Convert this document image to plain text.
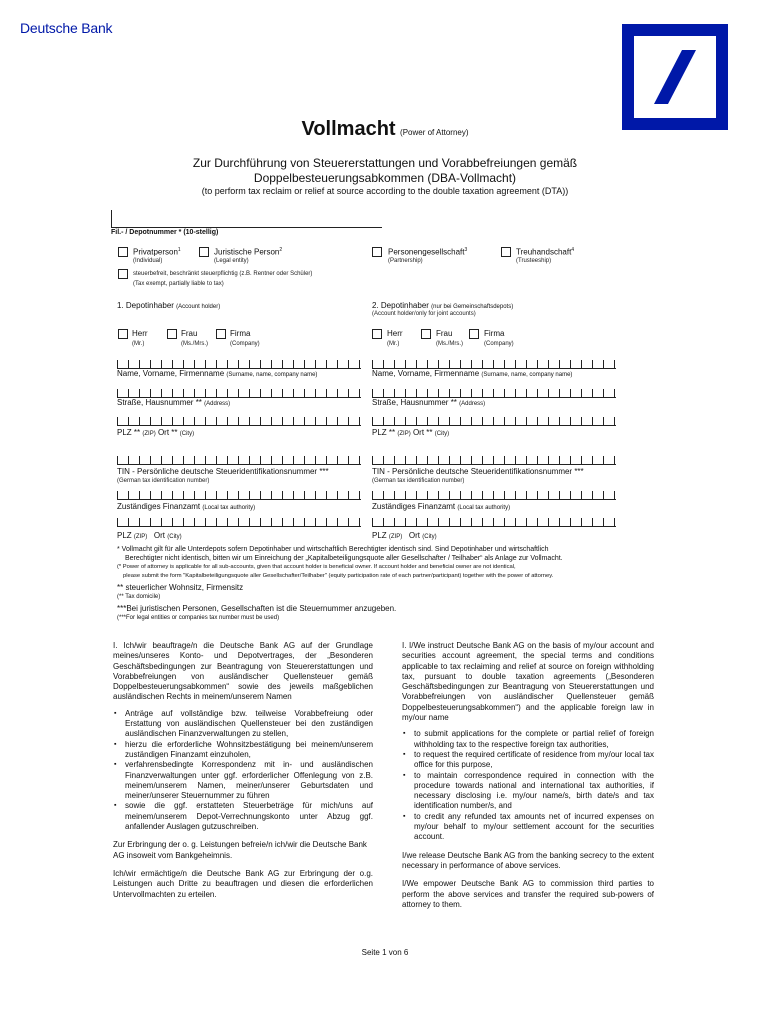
Deutsche Bank
Vollmacht (Power of Attorney)
Zur Durchführung von Steuererstattungen und Vorabbefreiungen gemäß
Doppelbesteuerungsabkommen (DBA-Vollmacht)
(to perform tax reclaim or relief at source according to the double taxation agreement (DTA))
Fil.- / Depotnummer * (10-stellig)
Privatperson$^1$
(Individual)
Juristische Person$^2$
(Legal entity)
Personengesellschaft$^3$
(Partnership)
Treuhandschaft$^4$
(Trusteeship)
steuerbefreit, beschränkt steuerpflichtig (z.B. Rentner oder Schüler)
(Tax exempt, partially liable to tax)
1. Depotinhaber (Account holder)	2. Depotinhaber (nur bei Gemeinschaftsdepots)
(Account holder/only for joint accounts)
Herr
(Mr.)
Frau
(Ms./Mrs.)
Firma
(Company)
Herr
(Mr.)
Frau
(Ms./Mrs.)
Firma
(Company)
Name, Vorname, Firmenname (Surname, name, company name)	Name, Vorname, Firmenname (Surname, name, company name)
Straße, Hausnummer ** (Address)	Straße, Hausnummer ** (Address)
PLZ ** (ZIP) Ort ** (City)	PLZ ** (ZIP) Ort ** (City)
TIN - Persönliche deutsche Steueridentifikationsnummer ***
(German tax identification number)
TIN - Persönliche deutsche Steueridentifikationsnummer ***
(German tax identification number)
Zuständiges Finanzamt (Local tax authority)	Zuständiges Finanzamt (Local tax authority)
PLZ (ZIP) Ort (City)	PLZ (ZIP) Ort (City)
* Vollmacht gilt für alle Unterdepots sofern Depotinhaber und wirtschaftlich Berechtigter identisch sind. Sind Depotinhaber und wirtschaftlich
Berechtigter nicht identisch, bitten wir um Einreichung der „Kapitalbeteiligungsquote aller Gesellschafter / Teilhaber“ als Anlage zur Vollmacht.
(* Power of attorney is applicable for all sub-accounts, given that account holder is beneficial owner. If account holder and beneficial owner are not identical,
please submit the form "Kapitalbeteiligungsquote aller Gesellschafter/Teilhaber" (equity participation rate of each partner/participant) together with the power of attorney.
** steuerlicher Wohnsitz, Firmensitz
(** Tax domicile)
***Bei juristischen Personen, Gesellschaften ist die Steuernummer anzugeben.
(***For legal entities or companies tax number must be used)
I. Ich/wir beauftrage/n die Deutsche Bank AG auf der Grundlage meines/unseres Konto- und Depotvertrages, der „Besonderen Geschäftsbedingungen zur Beantragung von Steuererstattungen und Vorabbefreiungen von ausländischer Quellensteuer gemäß Doppelbesteuerungsabkommen“ sowie des jeweils maßgeblichen ausländischen Rechts in meinem/unserem Namen
▪ Anträge auf vollständige bzw. teilweise Vorabbefreiung oder Erstattung von ausländischen Quellensteuer bei den zuständigen ausländischen Finanzverwaltungen zu stellen,
▪ hierzu die erforderliche Wohnsitzbestätigung bei meinem/unserem zuständigen Finanzamt einzuholen,
▪ verfahrensbedingte Korrespondenz mit in- und ausländischen Finanzverwaltungen unter ggf. erforderlicher Offenlegung von z.B. meinem/unserem Namen, meiner/unserer Geburtsdaten und meiner/unserer Steuernummer zu führen
▪ sowie die ggf. erstatteten Steuerbeträge für mich/uns auf meinem/unserem Depot-Verrechnungskonto unter Abzug ggf. anfallender Auslagen gutzuschreiben.
Zur Erbringung der o. g. Leistungen befreie/n ich/wir die Deutsche Bank AG insoweit vom Bankgeheimnis.
Ich/wir ermächtige/n die Deutsche Bank AG zur Erbringung der o.g. Leistungen auch Dritte zu beauftragen und diesen die erforderlichen Untervollmachten zu erteilen.
I. I/We instruct Deutsche Bank AG on the basis of my/our account and securities account agreement, the special terms and conditions applicable to tax reclaiming and relief at source on foreign withholding tax, pursuant to double taxation agreements („Besonderen Geschäftsbedingungen zur Beantragung von Steuererstattungen und Vorabbefreiungen von ausländischer Quellensteuer gemäß Doppelbesteuerungsabkommen“) and the applicable foreign law in my/our name
▪ to submit applications for the complete or partial relief of foreign withholding tax to the respective foreign tax authorities,
▪ to request the required certificate of residence from my/our local tax office for this purpose,
▪ to maintain correspondence required in connection with the procedure towards national and international tax authorities, if necessary disclosing i.e. my/our name/s, birth date/s and tax identification number/s, and
▪ to credit any refunded tax amounts net of incurred expenses on my/our behalf to my/our settlement account for the securities account.
I/we release Deutsche Bank AG from the banking secrecy to the extent necessary in performance of above services.
I/We empower Deutsche Bank AG to commission third parties to perform the above services and transfer the required sub-powers of attorney to them.
Seite 1 von 6
